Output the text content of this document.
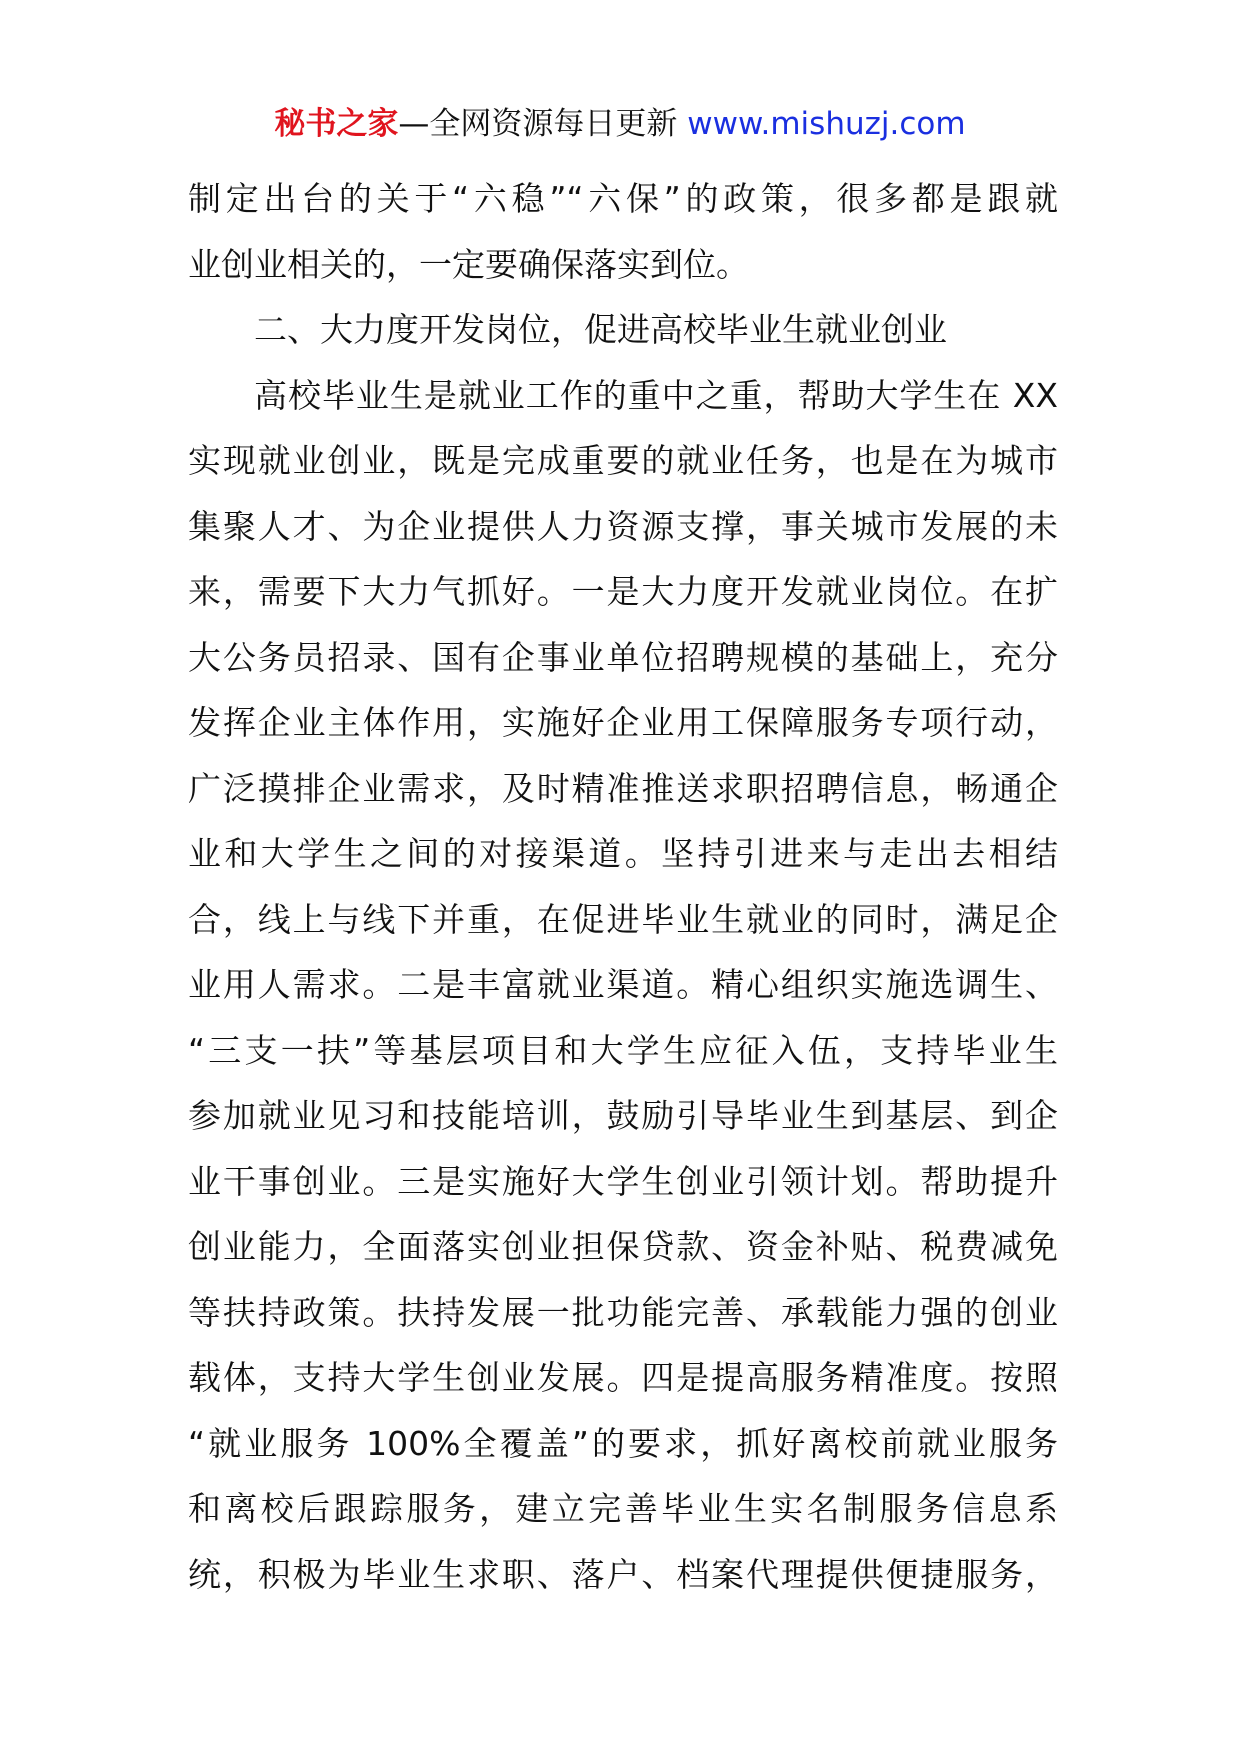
秘书之家—全网资源每日更新 www.mishuzj.com
制定出台的关于“六稳”“六保”的政策，很多都是跟就
业创业相关的，一定要确保落实到位。
二、大力度开发岗位，促进高校毕业生就业创业
高校毕业生是就业工作的重中之重，帮助大学生在 XX
实现就业创业，既是完成重要的就业任务，也是在为城市
集聚人才、为企业提供人力资源支撑，事关城市发展的未
来，需要下大力气抓好。一是大力度开发就业岗位。在扩
大公务员招录、国有企事业单位招聘规模的基础上，充分
发挥企业主体作用，实施好企业用工保障服务专项行动，
广泛摸排企业需求，及时精准推送求职招聘信息，畅通企
业和大学生之间的对接渠道。坚持引进来与走出去相结
合，线上与线下并重，在促进毕业生就业的同时，满足企
业用人需求。二是丰富就业渠道。精心组织实施选调生、
“三支一扶”等基层项目和大学生应征入伍，支持毕业生
参加就业见习和技能培训，鼓励引导毕业生到基层、到企
业干事创业。三是实施好大学生创业引领计划。帮助提升
创业能力，全面落实创业担保贷款、资金补贴、税费减免
等扶持政策。扶持发展一批功能完善、承载能力强的创业
载体，支持大学生创业发展。四是提高服务精准度。按照
“就业服务 100%全覆盖”的要求，抓好离校前就业服务
和离校后跟踪服务，建立完善毕业生实名制服务信息系
统，积极为毕业生求职、落户、档案代理提供便捷服务，
